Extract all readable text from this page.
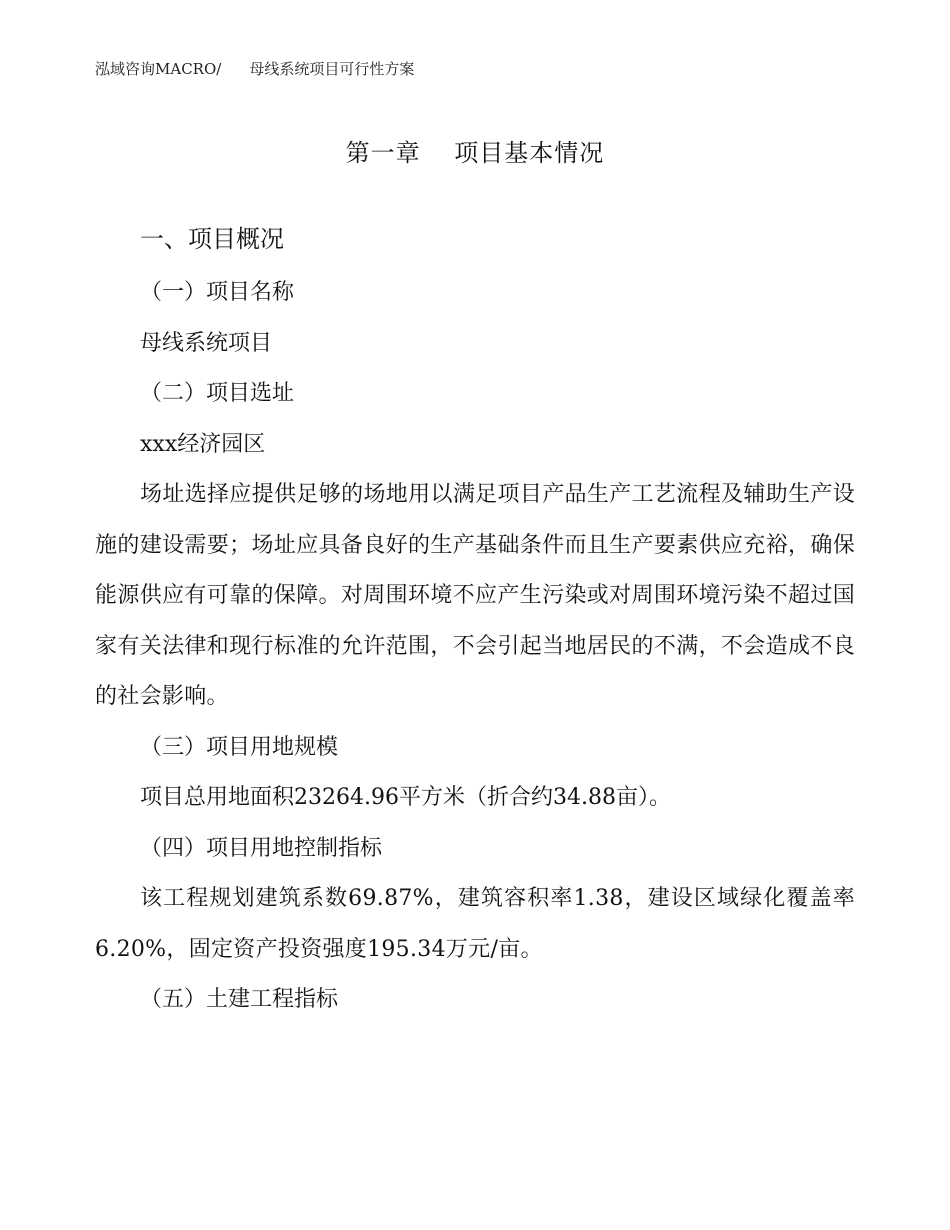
泓域咨询MACRO/ 母线系统项目可行性方案
第一章　 项目基本情况
一、项目概况
（一）项目名称
母线系统项目
（二）项目选址
xxx经济园区
场址选择应提供足够的场地用以满足项目产品生产工艺流程及辅助生产设施的建设需要；场址应具备良好的生产基础条件而且生产要素供应充裕，确保能源供应有可靠的保障。对周围环境不应产生污染或对周围环境污染不超过国家有关法律和现行标准的允许范围，不会引起当地居民的不满，不会造成不良的社会影响。
（三）项目用地规模
项目总用地面积23264.96平方米（折合约34.88亩）。
（四）项目用地控制指标
该工程规划建筑系数69.87%，建筑容积率1.38，建设区域绿化覆盖率6.20%，固定资产投资强度195.34万元/亩。
（五）土建工程指标
